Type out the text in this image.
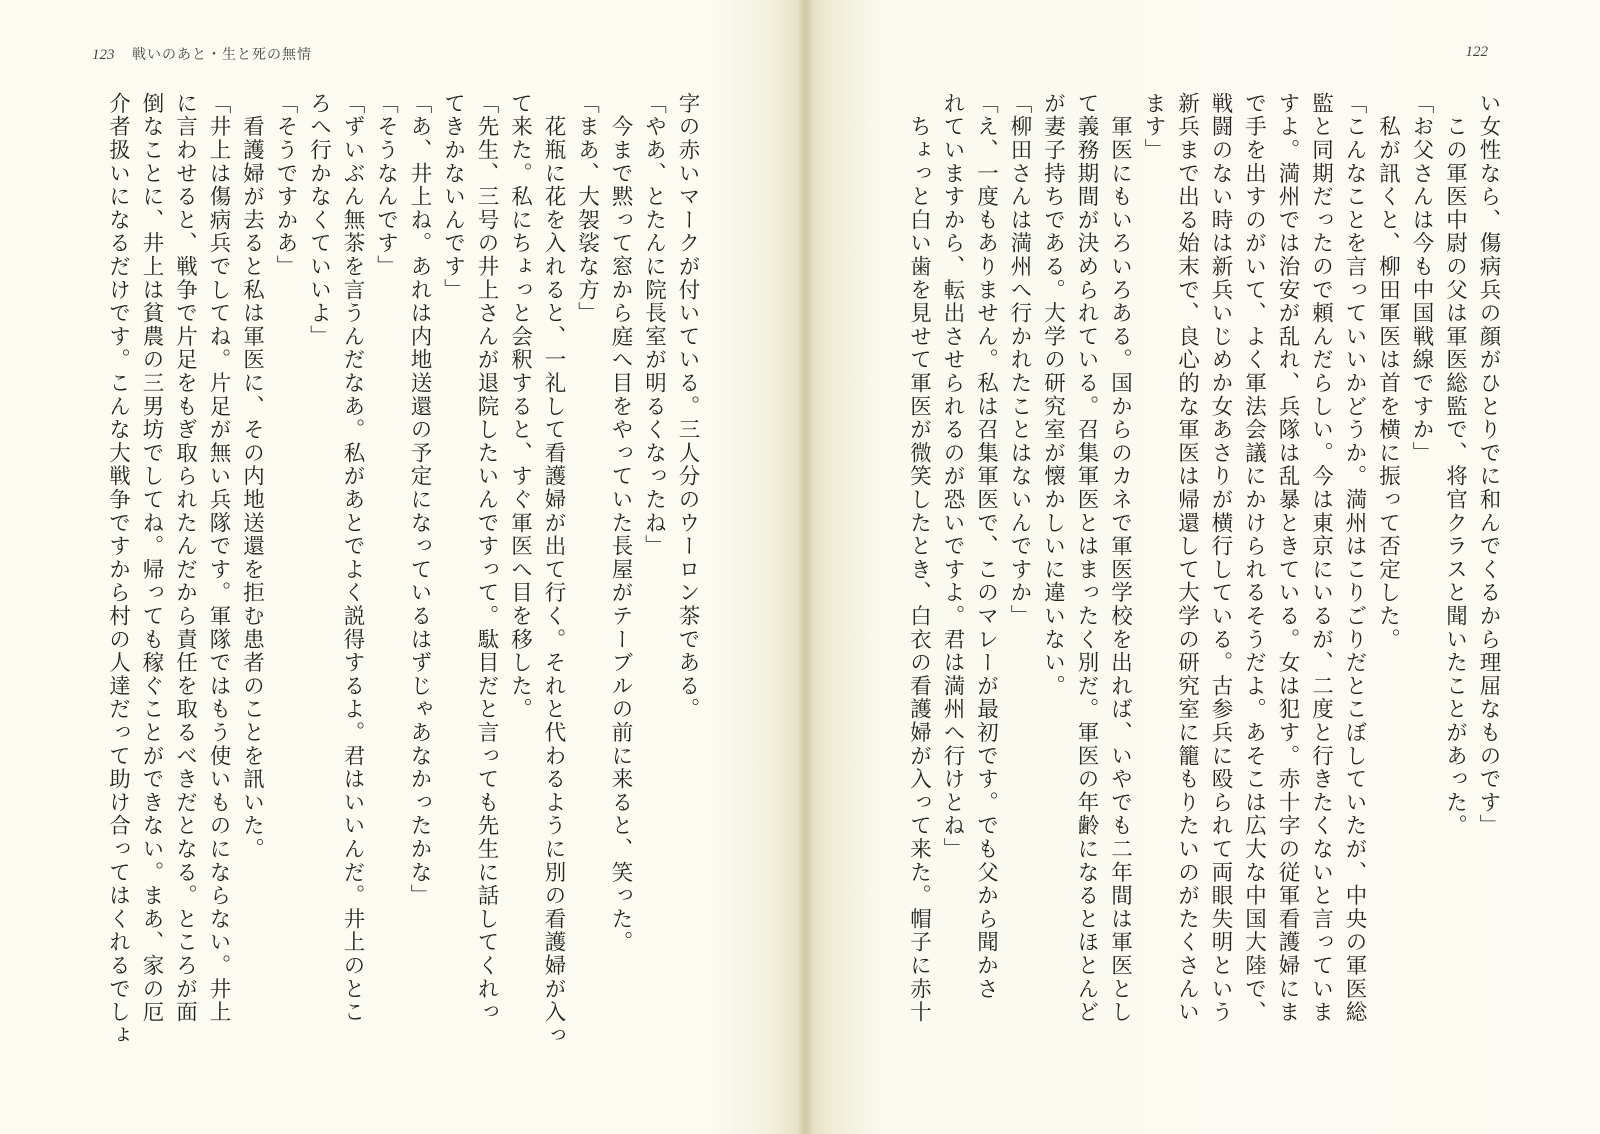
123 戦いのあと・生と死の無情
字の赤いマークが付いている。三人分のウーロン茶である。
「やあ、とたんに院長室が明るくなったね」
　今まで黙って窓から庭へ目をやっていた長屋がテーブルの前に来ると、笑った。
「まあ、大袈裟な方」
　花瓶に花を入れると、一礼して看護婦が出て行く。それと代わるように別の看護婦が入っ
て来た。私にちょっと会釈すると、すぐ軍医へ目を移した。
「先生、三号の井上さんが退院したいんですって。駄目だと言っても先生に話してくれっ
てきかないんです」
「あ、井上ね。あれは内地送還の予定になっているはずじゃあなかったかな」
「そうなんです」
「ずいぶん無茶を言うんだなあ。私があとでよく説得するよ。君はいいんだ。井上のとこ
ろへ行かなくていいよ」
「そうですかあ」
　看護婦が去ると私は軍医に、その内地送還を拒む患者のことを訊いた。
「井上は傷病兵でしてね。片足が無い兵隊です。軍隊ではもう使いものにならない。井上
に言わせると、戦争で片足をもぎ取られたんだから責任を取るべきだとなる。ところが面
倒なことに、井上は貧農の三男坊でしてね。帰っても稼ぐことができない。まあ、家の厄
介者扱いになるだけです。こんな大戦争ですから村の人達だって助け合ってはくれるでしょ
122
い女性なら、傷病兵の顔がひとりでに和んでくるから理屈なものです」
　この軍医中尉の父は軍医総監で、将官クラスと聞いたことがあった。
「お父さんは今も中国戦線ですか」
　私が訊くと、柳田軍医は首を横に振って否定した。
「こんなことを言っていいかどうか。満州はこりごりだとこぼしていたが、中央の軍医総
監と同期だったので頼んだらしい。今は東京にいるが、二度と行きたくないと言っていま
すよ。満州では治安が乱れ、兵隊は乱暴ときている。女は犯す。赤十字の従軍看護婦にま
で手を出すのがいて、よく軍法会議にかけられるそうだよ。あそこは広大な中国大陸で、
戦闘のない時は新兵いじめか女あさりが横行している。古参兵に殴られて両眼失明という
新兵まで出る始末で、良心的な軍医は帰還して大学の研究室に籠もりたいのがたくさんい
ます」
　軍医にもいろいろある。国からのカネで軍医学校を出れば、いやでも二年間は軍医とし
て義務期間が決められている。召集軍医とはまったく別だ。軍医の年齢になるとほとんど
が妻子持ちである。大学の研究室が懐かしいに違いない。
「柳田さんは満州へ行かれたことはないんですか」
「え、一度もありません。私は召集軍医で、このマレーが最初です。でも父から聞かさ
れていますから、転出させられるのが恐いですよ。君は満州へ行けとね」
　ちょっと白い歯を見せて軍医が微笑したとき、白衣の看護婦が入って来た。帽子に赤十
